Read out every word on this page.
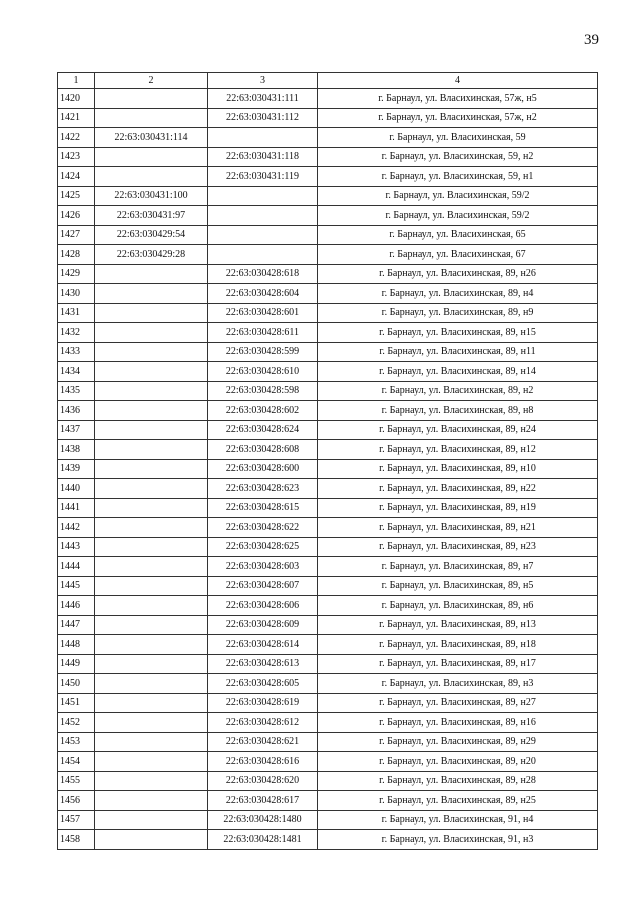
39
1	2	3	4
1420		22:63:030431:111	г. Барнаул, ул. Власихинская, 57ж, н5
1421		22:63:030431:112	г. Барнаул, ул. Власихинская, 57ж, н2
1422	22:63:030431:114		г. Барнаул, ул. Власихинская, 59
1423		22:63:030431:118	г. Барнаул, ул. Власихинская, 59, н2
1424		22:63:030431:119	г. Барнаул, ул. Власихинская, 59, н1
1425	22:63:030431:100		г. Барнаул, ул. Власихинская, 59/2
1426	22:63:030431:97		г. Барнаул, ул. Власихинская, 59/2
1427	22:63:030429:54		г. Барнаул, ул. Власихинская, 65
1428	22:63:030429:28		г. Барнаул, ул. Власихинская, 67
1429		22:63:030428:618	г. Барнаул, ул. Власихинская, 89, н26
1430		22:63:030428:604	г. Барнаул, ул. Власихинская, 89, н4
1431		22:63:030428:601	г. Барнаул, ул. Власихинская, 89, н9
1432		22:63:030428:611	г. Барнаул, ул. Власихинская, 89, н15
1433		22:63:030428:599	г. Барнаул, ул. Власихинская, 89, н11
1434		22:63:030428:610	г. Барнаул, ул. Власихинская, 89, н14
1435		22:63:030428:598	г. Барнаул, ул. Власихинская, 89, н2
1436		22:63:030428:602	г. Барнаул, ул. Власихинская, 89, н8
1437		22:63:030428:624	г. Барнаул, ул. Власихинская, 89, н24
1438		22:63:030428:608	г. Барнаул, ул. Власихинская, 89, н12
1439		22:63:030428:600	г. Барнаул, ул. Власихинская, 89, н10
1440		22:63:030428:623	г. Барнаул, ул. Власихинская, 89, н22
1441		22:63:030428:615	г. Барнаул, ул. Власихинская, 89, н19
1442		22:63:030428:622	г. Барнаул, ул. Власихинская, 89, н21
1443		22:63:030428:625	г. Барнаул, ул. Власихинская, 89, н23
1444		22:63:030428:603	г. Барнаул, ул. Власихинская, 89, н7
1445		22:63:030428:607	г. Барнаул, ул. Власихинская, 89, н5
1446		22:63:030428:606	г. Барнаул, ул. Власихинская, 89, н6
1447		22:63:030428:609	г. Барнаул, ул. Власихинская, 89, н13
1448		22:63:030428:614	г. Барнаул, ул. Власихинская, 89, н18
1449		22:63:030428:613	г. Барнаул, ул. Власихинская, 89, н17
1450		22:63:030428:605	г. Барнаул, ул. Власихинская, 89, н3
1451		22:63:030428:619	г. Барнаул, ул. Власихинская, 89, н27
1452		22:63:030428:612	г. Барнаул, ул. Власихинская, 89, н16
1453		22:63:030428:621	г. Барнаул, ул. Власихинская, 89, н29
1454		22:63:030428:616	г. Барнаул, ул. Власихинская, 89, н20
1455		22:63:030428:620	г. Барнаул, ул. Власихинская, 89, н28
1456		22:63:030428:617	г. Барнаул, ул. Власихинская, 89, н25
1457		22:63:030428:1480	г. Барнаул, ул. Власихинская, 91, н4
1458		22:63:030428:1481	г. Барнаул, ул. Власихинская, 91, н3
